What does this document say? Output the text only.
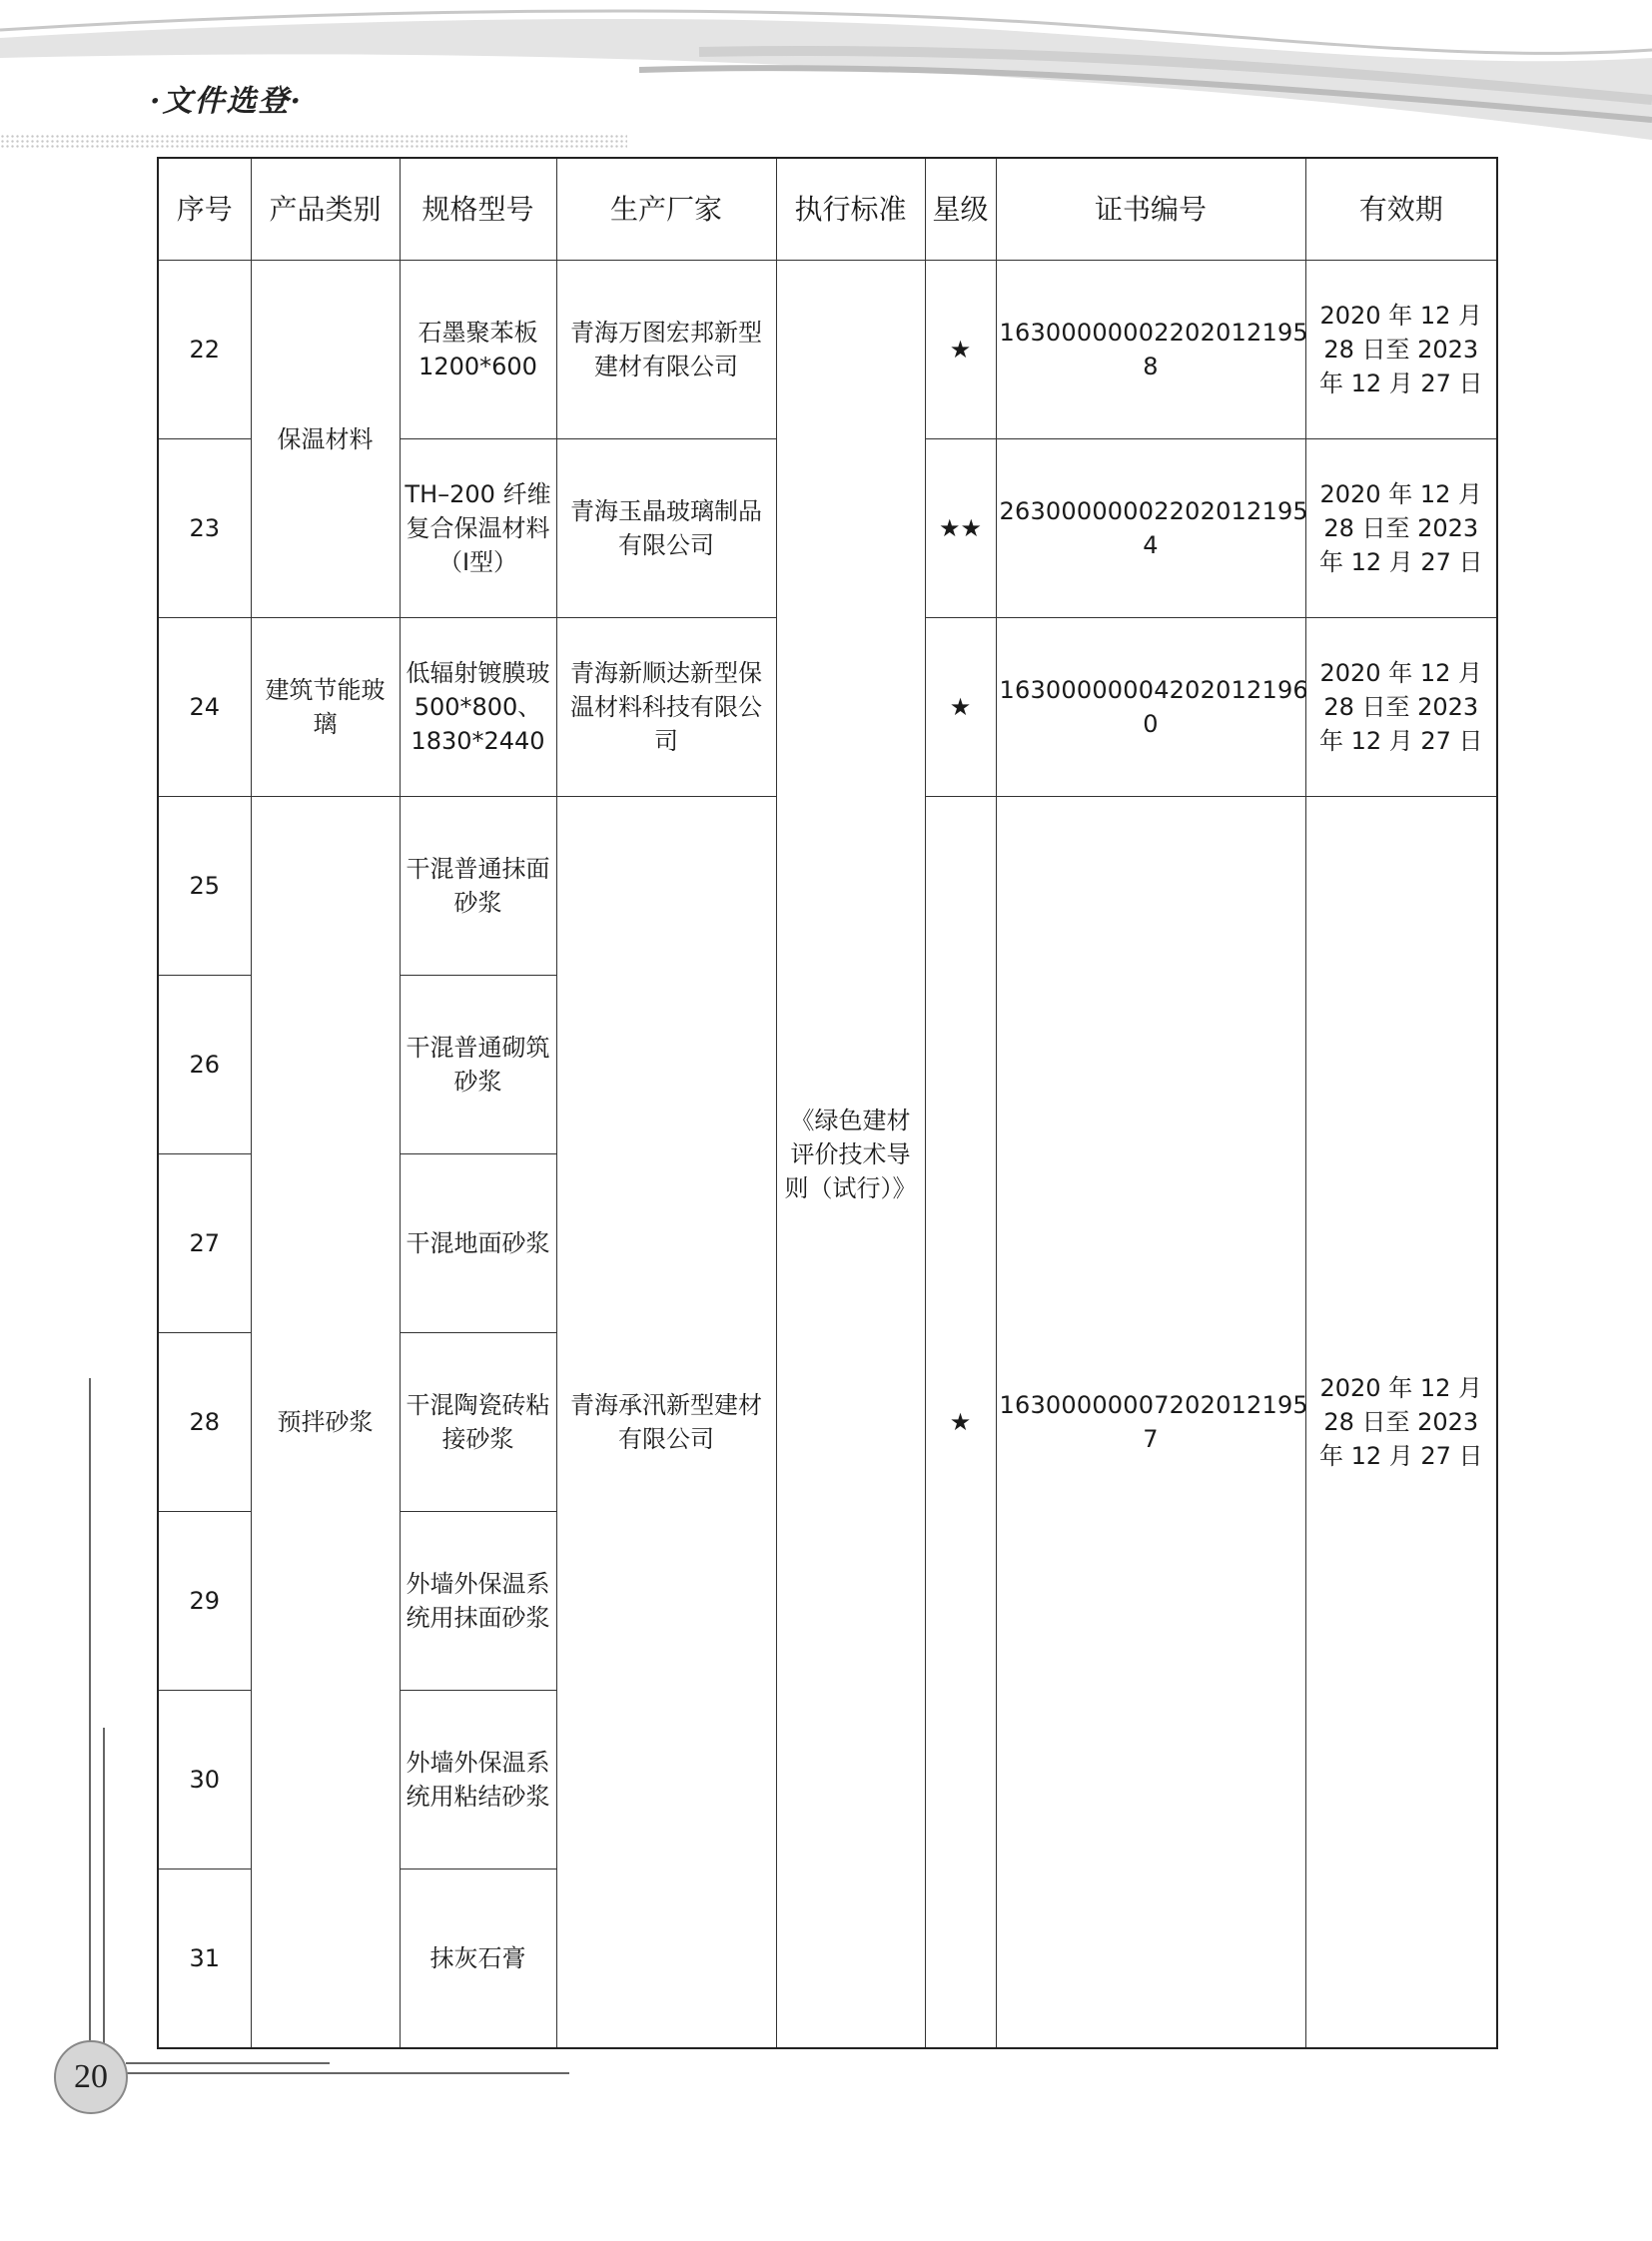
·文件选登·
序号	产品类别	规格型号	生产厂家	执行标准	星级	证书编号	有效期
22	保温材料	石墨聚苯板 1200*600	青海万图宏邦新型建材有限公司	《绿色建材评价技术导则（试行）》	★	16300000002202012195 8	2020 年 12 月 28 日至 2023 年 12 月 27 日
23		TH–200 纤维复合保温材料（Ⅰ型）	青海玉晶玻璃制品有限公司		★★	26300000002202012195 4	2020 年 12 月 28 日至 2023 年 12 月 27 日
24	建筑节能玻璃	低辐射镀膜玻 500*800、1830*2440	青海新顺达新型保温材料科技有限公司		★	16300000004202012196 0	2020 年 12 月 28 日至 2023 年 12 月 27 日
25	预拌砂浆	干混普通抹面砂浆	青海承汛新型建材有限公司		★	16300000007202012195 7	2020 年 12 月 28 日至 2023 年 12 月 27 日
26		干混普通砌筑砂浆					
27		干混地面砂浆					
28		干混陶瓷砖粘接砂浆					
29		外墙外保温系统用抹面砂浆					
30		外墙外保温系统用粘结砂浆					
31		抹灰石膏					
20
